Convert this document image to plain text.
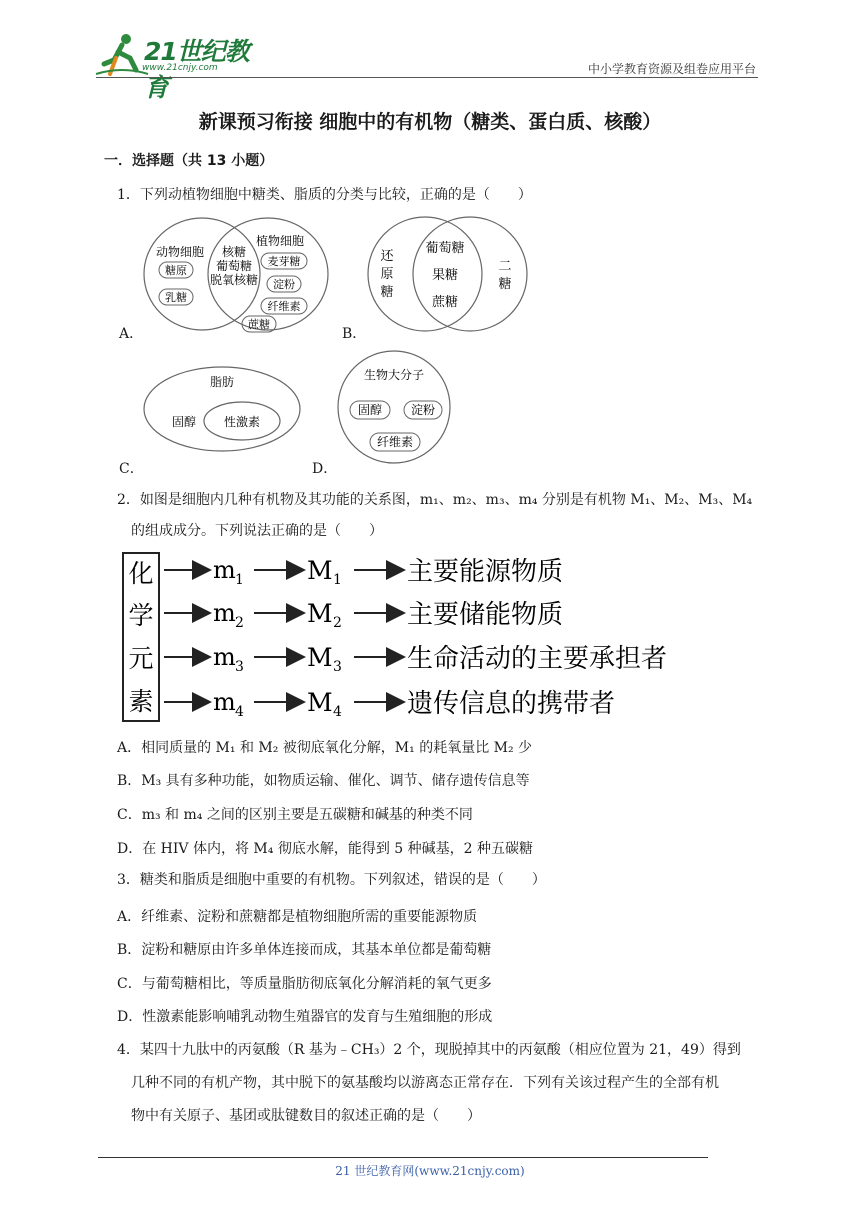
21世纪教育
www.21cnjy.com	中小学教育资源及组卷应用平台
新课预习衔接 细胞中的有机物（糖类、蛋白质、核酸）
一．选择题（共 13 小题）
1．下列动植物细胞中糖类、脂质的分类与比较，正确的是（　　）
动物细胞
糖原
乳糖
核糖
葡萄糖
脱氧核糖
植物细胞
麦芽糖
淀粉
纤维素
蔗糖
A．
还原糖
葡萄糖
果糖
蔗糖
二糖
B．
脂肪
固醇 性激素
C．
生物大分子
固醇 淀粉
纤维素
D．
2．如图是细胞内几种有机物及其功能的关系图，m₁、m₂、m₃、m₄ 分别是有机物 M₁、M₂、M₃、M₄
的组成成分。下列说法正确的是（　　）
化
学
元
素
m 1	M 1	主要能源物质
m 2	M 2	主要储能物质
m 3	M 3	生命活动的主要承担者
m 4	M 4	遗传信息的携带者
A．相同质量的 M₁ 和 M₂ 被彻底氧化分解，M₁ 的耗氧量比 M₂ 少
B．M₃ 具有多种功能，如物质运输、催化、调节、储存遗传信息等
C．m₃ 和 m₄ 之间的区别主要是五碳糖和碱基的种类不同
D．在 HIV 体内，将 M₄ 彻底水解，能得到 5 种碱基，2 种五碳糖
3．糖类和脂质是细胞中重要的有机物。下列叙述，错误的是（　　）
A．纤维素、淀粉和蔗糖都是植物细胞所需的重要能源物质
B．淀粉和糖原由许多单体连接而成，其基本单位都是葡萄糖
C．与葡萄糖相比，等质量脂肪彻底氧化分解消耗的氧气更多
D．性激素能影响哺乳动物生殖器官的发育与生殖细胞的形成
4．某四十九肽中的丙氨酸（R 基为﹣CH₃）2 个，现脱掉其中的丙氨酸（相应位置为 21，49）得到
几种不同的有机产物，其中脱下的氨基酸均以游离态正常存在．下列有关该过程产生的全部有机
物中有关原子、基团或肽键数目的叙述正确的是（　　）
21 世纪教育网(www.21cnjy.com)
